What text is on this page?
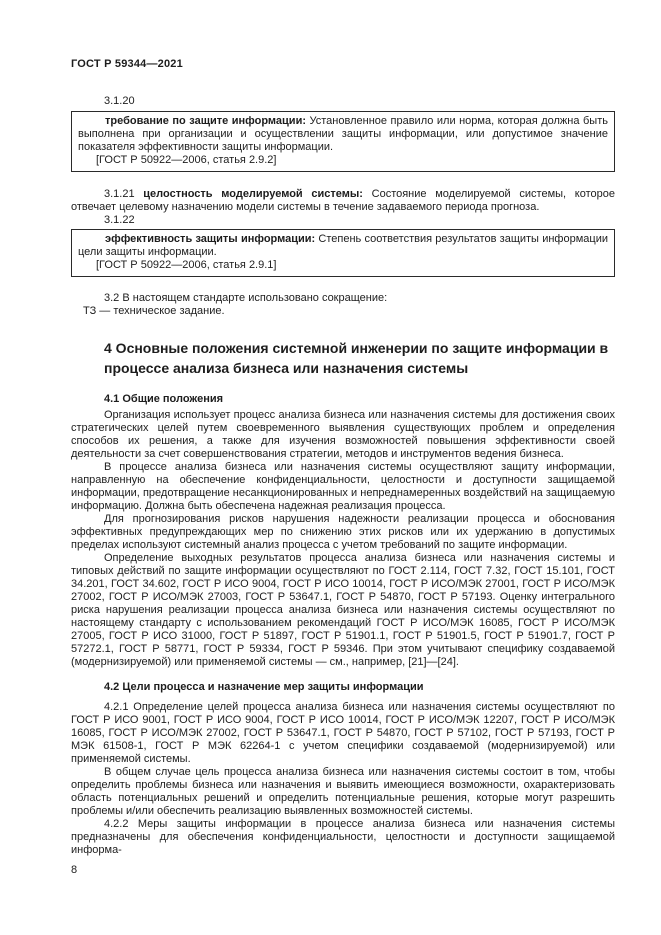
ГОСТ Р 59344—2021

3.1.20

требование по защите информации: Установленное правило или норма, которая должна быть выполнена при организации и осуществлении защиты информации, или допустимое значение показателя эффективности защиты информации.

[ГОСТ Р 50922—2006, статья 2.9.2]

3.1.21 целостность моделируемой системы: Состояние моделируемой системы, которое отвечает целевому назначению модели системы в течение задаваемого периода прогноза.

3.1.22

эффективность защиты информации: Степень соответствия результатов защиты информации цели защиты информации.

[ГОСТ Р 50922—2006, статья 2.9.1]

3.2 В настоящем стандарте использовано сокращение:

ТЗ — техническое задание.

4 Основные положения системной инженерии по защите информации в процессе анализа бизнеса или назначения системы
4.1 Общие положения

Организация использует процесс анализа бизнеса или назначения системы для достижения своих стратегических целей путем своевременного выявления существующих проблем и определения способов их решения, а также для изучения возможностей повышения эффективности своей деятельности за счет совершенствования стратегии, методов и инструментов ведения бизнеса.

В процессе анализа бизнеса или назначения системы осуществляют защиту информации, направленную на обеспечение конфиденциальности, целостности и доступности защищаемой информации, предотвращение несанкционированных и непреднамеренных воздействий на защищаемую информацию. Должна быть обеспечена надежная реализация процесса.

Для прогнозирования рисков нарушения надежности реализации процесса и обоснования эффективных предупреждающих мер по снижению этих рисков или их удержанию в допустимых пределах используют системный анализ процесса с учетом требований по защите информации.

Определение выходных результатов процесса анализа бизнеса или назначения системы и типовых действий по защите информации осуществляют по ГОСТ 2.114, ГОСТ 7.32, ГОСТ 15.101, ГОСТ 34.201, ГОСТ 34.602, ГОСТ Р ИСО 9004, ГОСТ Р ИСО 10014, ГОСТ Р ИСО/МЭК 27001, ГОСТ Р ИСО/МЭК 27002, ГОСТ Р ИСО/МЭК 27003, ГОСТ Р 53647.1, ГОСТ Р 54870, ГОСТ Р 57193. Оценку интегрального риска нарушения реализации процесса анализа бизнеса или назначения системы осуществляют по настоящему стандарту с использованием рекомендаций ГОСТ Р ИСО/МЭК 16085, ГОСТ Р ИСО/МЭК 27005, ГОСТ Р ИСО 31000, ГОСТ Р 51897, ГОСТ Р 51901.1, ГОСТ Р 51901.5, ГОСТ Р 51901.7, ГОСТ Р 57272.1, ГОСТ Р 58771, ГОСТ Р 59334, ГОСТ Р 59346. При этом учитывают специфику создаваемой (модернизируемой) или применяемой системы — см., например, [21]—[24].

4.2 Цели процесса и назначение мер защиты информации

4.2.1 Определение целей процесса анализа бизнеса или назначения системы осуществляют по ГОСТ Р ИСО 9001, ГОСТ Р ИСО 9004, ГОСТ Р ИСО 10014, ГОСТ Р ИСО/МЭК 12207, ГОСТ Р ИСО/МЭК 16085, ГОСТ Р ИСО/МЭК 27002, ГОСТ Р 53647.1, ГОСТ Р 54870, ГОСТ Р 57102, ГОСТ Р 57193, ГОСТ Р МЭК 61508-1, ГОСТ Р МЭК 62264-1 с учетом специфики создаваемой (модернизируемой) или применяемой системы.

В общем случае цель процесса анализа бизнеса или назначения системы состоит в том, чтобы определить проблемы бизнеса или назначения и выявить имеющиеся возможности, охарактеризовать область потенциальных решений и определить потенциальные решения, которые могут разрешить проблемы и/или обеспечить реализацию выявленных возможностей системы.

4.2.2 Меры защиты информации в процессе анализа бизнеса или назначения системы предназначены для обеспечения конфиденциальности, целостности и доступности защищаемой информа-

8
